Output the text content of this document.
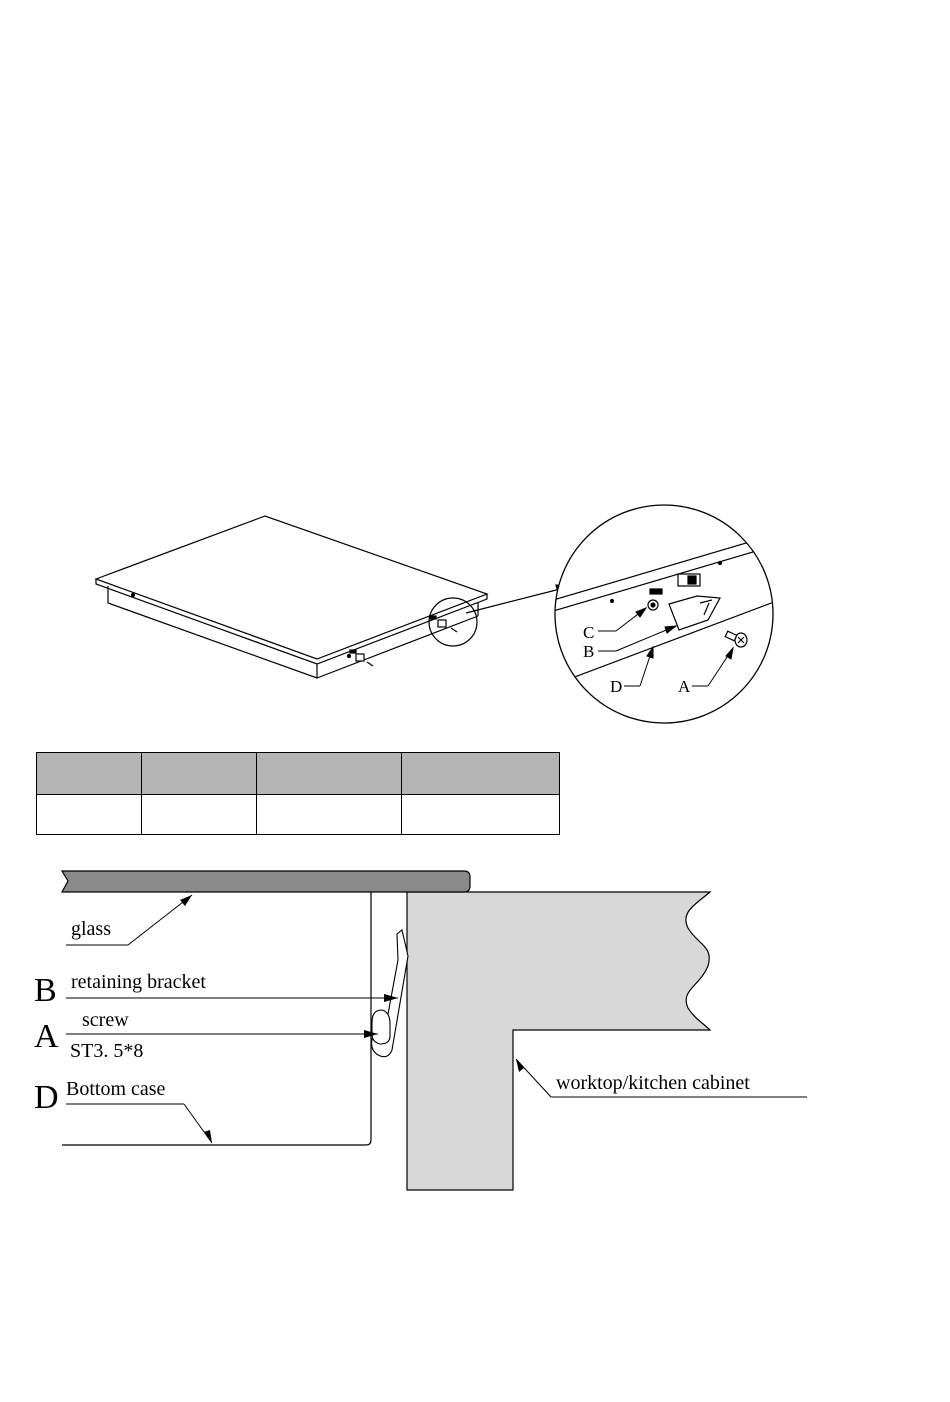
C
B
D	A
glass
B retaining bracket
A screw
ST3. 5*8
D Bottom case	worktop/kitchen cabinet
